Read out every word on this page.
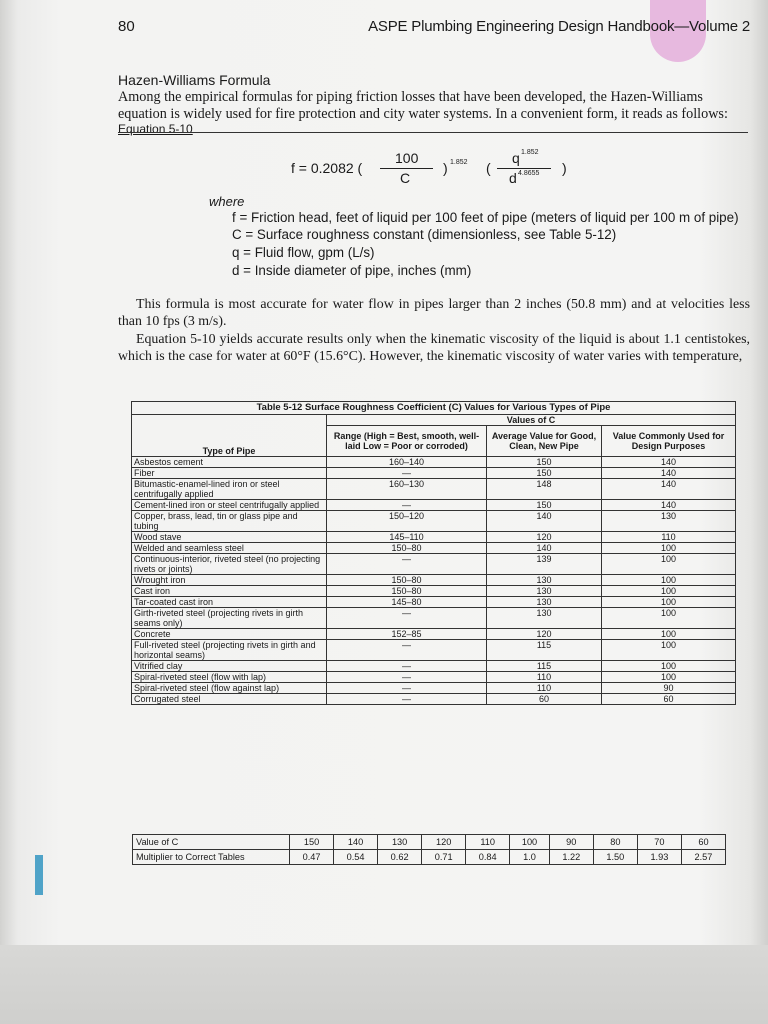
80	ASPE Plumbing Engineering Design Handbook—Volume 2
Hazen-Williams Formula
Among the empirical formulas for piping friction losses that have been developed, the Hazen-Williams equation is widely used for fire protection and city water systems. In a convenient form, it reads as follows:
Equation 5-10
f = 0.2082 (
100
C
) 1.852 (
q 1.852
d 4.8655 )
where
f = Friction head, feet of liquid per 100 feet of pipe (meters of liquid per 100 m of pipe)
C = Surface roughness constant (dimensionless, see Table 5-12)
q = Fluid flow, gpm (L/s)
d = Inside diameter of pipe, inches (mm)
This formula is most accurate for water flow in pipes larger than 2 inches (50.8 mm) and at velocities less than 10 fps (3 m/s).
Equation 5-10 yields accurate results only when the kinematic viscosity of the liquid is about 1.1 centistokes, which is the case for water at 60°F (15.6°C). However, the kinematic viscosity of water varies with temperature,
Table 5-12 Surface Roughness Coefficient (C) Values for Various Types of Pipe			
Type of Pipe	Values of C		
	Range (High = Best, smooth, well-laid Low = Poor or corroded)	Average Value for Good, Clean, New Pipe	Value Commonly Used for Design Purposes
Asbestos cement	160–140	150	140
Fiber	—	150	140
Bitumastic-enamel-lined iron or steel centrifugally applied	160–130	148	140
Cement-lined iron or steel centrifugally applied	—	150	140
Copper, brass, lead, tin or glass pipe and tubing	150–120	140	130
Wood stave	145–110	120	110
Welded and seamless steel	150–80	140	100
Continuous-interior, riveted steel (no projecting rivets or joints)	—	139	100
Wrought iron	150–80	130	100
Cast iron	150–80	130	100
Tar-coated cast iron	145–80	130	100
Girth-riveted steel (projecting rivets in girth seams only)	—	130	100
Concrete	152–85	120	100
Full-riveted steel (projecting rivets in girth and horizontal seams)	—	115	100
Vitrified clay	—	115	100
Spiral-riveted steel (flow with lap)	—	110	100
Spiral-riveted steel (flow against lap)	—	110	90
Corrugated steel	—	60	60
Value of C	150	140	130	120	110	100	90	80	70	60
Multiplier to Correct Tables	0.47	0.54	0.62	0.71	0.84	1.0	1.22	1.50	1.93	2.57
